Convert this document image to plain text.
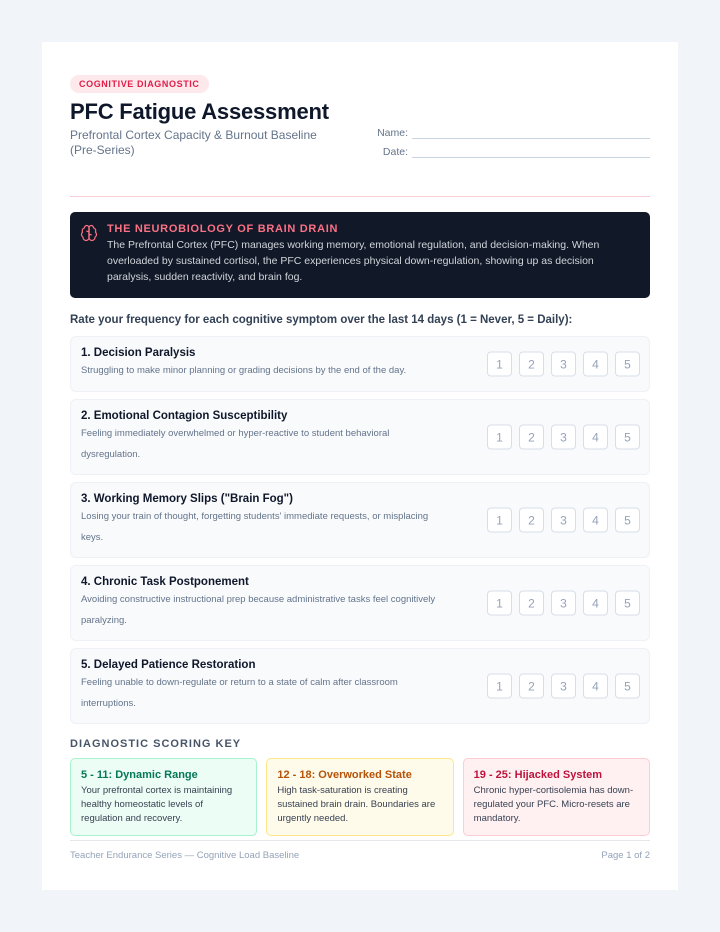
COGNITIVE DIAGNOSTIC
PFC Fatigue Assessment
Prefrontal Cortex Capacity & Burnout Baseline (Pre-Series)
Name:
Date:
THE NEUROBIOLOGY OF BRAIN DRAIN
The Prefrontal Cortex (PFC) manages working memory, emotional regulation, and decision-making. When overloaded by sustained cortisol, the PFC experiences physical down-regulation, showing up as decision paralysis, sudden reactivity, and brain fog.
Rate your frequency for each cognitive symptom over the last 14 days (1 = Never, 5 = Daily):
1. Decision Paralysis
Struggling to make minor planning or grading decisions by the end of the day.	1	2	3	4	5
2. Emotional Contagion Susceptibility
Feeling immediately overwhelmed or hyper-reactive to student behavioral dysregulation.
1	2	3	4	5
3. Working Memory Slips ("Brain Fog")
Losing your train of thought, forgetting students' immediate requests, or misplacing keys.
1	2	3	4	5
4. Chronic Task Postponement
Avoiding constructive instructional prep because administrative tasks feel cognitively paralyzing.
1	2	3	4	5
5. Delayed Patience Restoration
Feeling unable to down-regulate or return to a state of calm after classroom interruptions.
1	2	3	4	5
DIAGNOSTIC SCORING KEY
5 - 11: Dynamic Range
Your prefrontal cortex is maintaining healthy homeostatic levels of regulation and recovery.
12 - 18: Overworked State
High task-saturation is creating sustained brain drain. Boundaries are urgently needed.
19 - 25: Hijacked System
Chronic hyper-cortisolemia has down-regulated your PFC. Micro-resets are mandatory.
Teacher Endurance Series — Cognitive Load Baseline	Page 1 of 2
